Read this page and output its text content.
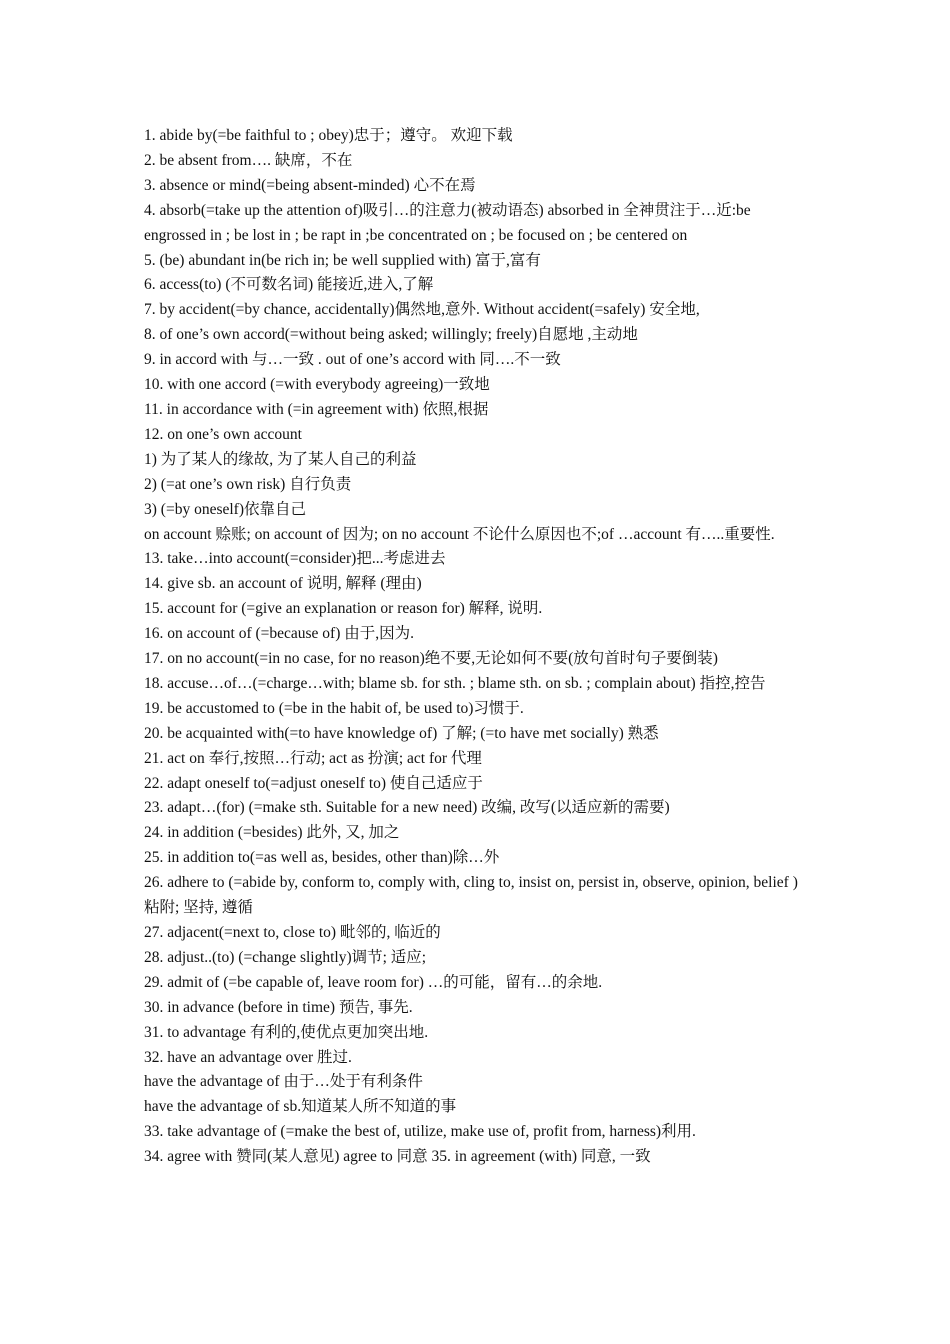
1. abide by(=be faithful to ; obey)忠于；遵守。 欢迎下载

2. be absent from…. 缺席，不在

3. absence or mind(=being absent-minded) 心不在焉

4. absorb(=take up the attention of)吸引…的注意力(被动语态) absorbed in 全神贯注于…近:be engrossed in ; be lost in ; be rapt in ;be concentrated on ; be focused on ; be centered on

5. (be) abundant in(be rich in; be well supplied with) 富于,富有

6. access(to) (不可数名词) 能接近,进入,了解

7. by accident(=by chance, accidentally)偶然地,意外. Without accident(=safely) 安全地,

8. of one’s own accord(=without being asked; willingly; freely)自愿地 ,主动地

9. in accord with 与…一致 . out of one’s accord with 同….不一致

10. with one accord (=with everybody agreeing)一致地

11. in accordance with (=in agreement with) 依照,根据

12. on one’s own account

1) 为了某人的缘故, 为了某人自己的利益

2) (=at one’s own risk) 自行负责

3) (=by oneself)依靠自己

on account 赊账; on account of 因为; on no account 不论什么原因也不;of …account 有…..重要性.

13. take…into account(=consider)把...考虑进去

14. give sb. an account of 说明, 解释 (理由)

15. account for (=give an explanation or reason for) 解释, 说明.

16. on account of (=because of) 由于,因为.

17. on no account(=in no case, for no reason)绝不要,无论如何不要(放句首时句子要倒装)

18. accuse…of…(=charge…with; blame sb. for sth. ; blame sth. on sb. ; complain about) 指控,控告

19. be accustomed to (=be in the habit of, be used to)习惯于.

20. be acquainted with(=to have knowledge of) 了解; (=to have met socially) 熟悉

21. act on 奉行,按照…行动; act as 扮演; act for 代理

22. adapt oneself to(=adjust oneself to) 使自己适应于

23. adapt…(for) (=make sth. Suitable for a new need) 改编, 改写(以适应新的需要)

24. in addition (=besides) 此外, 又, 加之

25. in addition to(=as well as, besides, other than)除…外

26. adhere to (=abide by, conform to, comply with, cling to, insist on, persist in, observe, opinion, belief ) 粘附; 坚持, 遵循

27. adjacent(=next to, close to) 毗邻的, 临近的

28. adjust..(to) (=change slightly)调节; 适应;

29. admit of (=be capable of, leave room for) …的可能，留有…的余地.

30. in advance (before in time) 预告, 事先.

31. to advantage 有利的,使优点更加突出地.

32. have an advantage over 胜过.

have the advantage of 由于…处于有利条件

have the advantage of sb.知道某人所不知道的事

33. take advantage of (=make the best of, utilize, make use of, profit from, harness)利用.

34. agree with 赞同(某人意见) agree to 同意 35. in agreement (with) 同意, 一致
